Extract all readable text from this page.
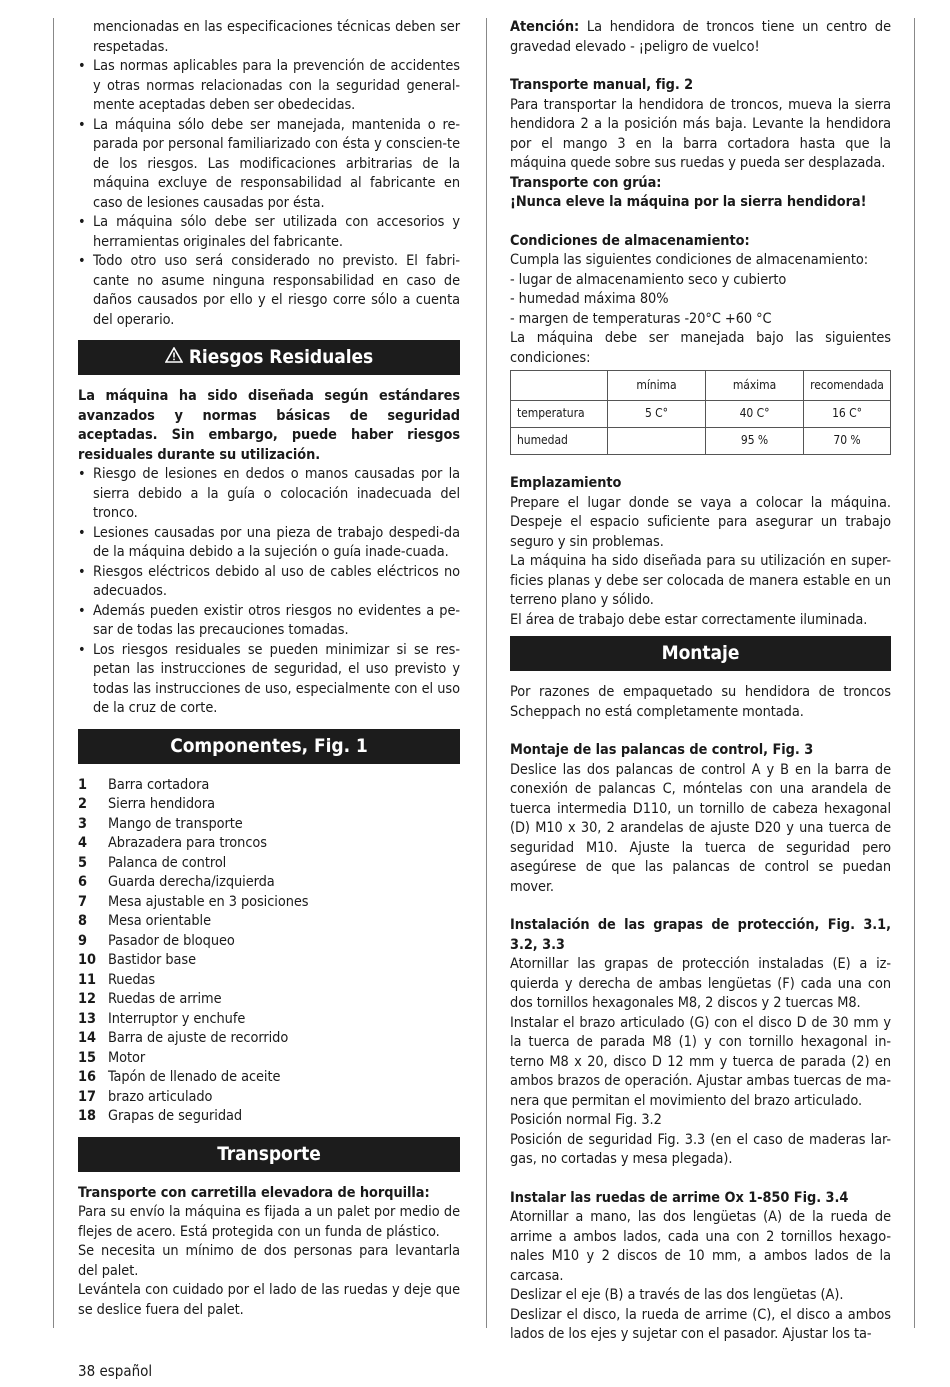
mencionadas en las especificaciones técnicas deben ser respetadas.
• Las normas aplicables para la prevención de accidentes y otras normas relacionadas con la seguridad general-mente aceptadas deben ser obedecidas.
• La máquina sólo debe ser manejada, mantenida o re-parada por personal familiarizado con ésta y conscien-te de los riesgos. Las modificaciones arbitrarias de la máquina excluye de responsabilidad al fabricante en caso de lesiones causadas por ésta.
• La máquina sólo debe ser utilizada con accesorios y herramientas originales del fabricante.
• Todo otro uso será considerado no previsto. El fabri-cante no asume ninguna responsabilidad en caso de daños causados por ello y el riesgo corre sólo a cuenta del operario.
Riesgos Residuales

La máquina ha sido diseñada según estándares avanzados y normas básicas de seguridad aceptadas. Sin embargo, puede haber riesgos residuales durante su utilización.

• Riesgo de lesiones en dedos o manos causadas por la sierra debido a la guía o colocación inadecuada del tronco.
• Lesiones causadas por una pieza de trabajo despedi-da de la máquina debido a la sujeción o guía inade-cuada.
• Riesgos eléctricos debido al uso de cables eléctricos no adecuados.
• Además pueden existir otros riesgos no evidentes a pe-sar de todas las precauciones tomadas.
• Los riesgos residuales se pueden minimizar si se res-petan las instrucciones de seguridad, el uso previsto y todas las instrucciones de uso, especialmente con el uso de la cruz de corte.
Componentes, Fig. 1
1	Barra cortadora
2	Sierra hendidora
3	Mango de transporte
4	Abrazadera para troncos
5	Palanca de control
6	Guarda derecha/izquierda
7	Mesa ajustable en 3 posiciones
8	Mesa orientable
9	Pasador de bloqueo
10	Bastidor base
11	Ruedas
12	Ruedas de arrime
13	Interruptor y enchufe
14	Barra de ajuste de recorrido
15	Motor
16	Tapón de llenado de aceite
17	brazo articulado
18	Grapas de seguridad
Transporte

Transporte con carretilla elevadora de horquilla:

Para su envío la máquina es fijada a un palet por medio de flejes de acero. Está protegida con un funda de plástico.

Se necesita un mínimo de dos personas para levantarla del palet.

Levántela con cuidado por el lado de las ruedas y deje que se deslice fuera del palet.

Atención: La hendidora de troncos tiene un centro de gravedad elevado - ¡peligro de vuelco!

Transporte manual, fig. 2

Para transportar la hendidora de troncos, mueva la sierra hendidora 2 a la posición más baja. Levante la hendidora por el mango 3 en la barra cortadora hasta que la máquina quede sobre sus ruedas y pueda ser desplazada.

Transporte con grúa:

¡Nunca eleve la máquina por la sierra hendidora!

Condiciones de almacenamiento:

Cumpla las siguientes condiciones de almacenamiento:

- lugar de almacenamiento seco y cubierto

- humedad máxima 80%

- margen de temperaturas -20°C +60 °C

La máquina debe ser manejada bajo las siguientes condiciones:

	mínima	máxima	recomendada
temperatura	5 C°	40 C°	16 C°
humedad		95 %	70 %

Emplazamiento

Prepare el lugar donde se vaya a colocar la máquina. Despeje el espacio suficiente para asegurar un trabajo seguro y sin problemas.

La máquina ha sido diseñada para su utilización en super-ficies planas y debe ser colocada de manera estable en un terreno plano y sólido.

El área de trabajo debe estar correctamente iluminada.

Montaje

Por razones de empaquetado su hendidora de troncos Scheppach no está completamente montada.

Montaje de las palancas de control, Fig. 3

Deslice las dos palancas de control A y B en la barra de conexión de palancas C, móntelas con una arandela de tuerca intermedia D110, un tornillo de cabeza hexagonal (D) M10 x 30, 2 arandelas de ajuste D20 y una tuerca de seguridad M10. Ajuste la tuerca de seguridad pero asegúrese de que las palancas de control se puedan mover.

Instalación de las grapas de protección, Fig. 3.1, 3.2, 3.3

Atornillar las grapas de protección instaladas (E) a iz-quierda y derecha de ambas lengüetas (F) cada una con dos tornillos hexagonales M8, 2 discos y 2 tuercas M8.

Instalar el brazo articulado (G) con el disco D de 30 mm y la tuerca de parada M8 (1) y con tornillo hexagonal in-terno M8 x 20, disco D 12 mm y tuerca de parada (2) en ambos brazos de operación. Ajustar ambas tuercas de ma-nera que permitan el movimiento del brazo articulado.

Posición normal Fig. 3.2

Posición de seguridad Fig. 3.3 (en el caso de maderas lar-gas, no cortadas y mesa plegada).

Instalar las ruedas de arrime Ox 1-850 Fig. 3.4

Atornillar a mano, las dos lengüetas (A) de la rueda de arrime a ambos lados, cada una con 2 tornillos hexago-nales M10 y 2 discos de 10 mm, a ambos lados de la carcasa.

Deslizar el eje (B) a través de las dos lengüetas (A).

Deslizar el disco, la rueda de arrime (C), el disco a ambos lados de los ejes y sujetar con el pasador. Ajustar los ta-

38 español
